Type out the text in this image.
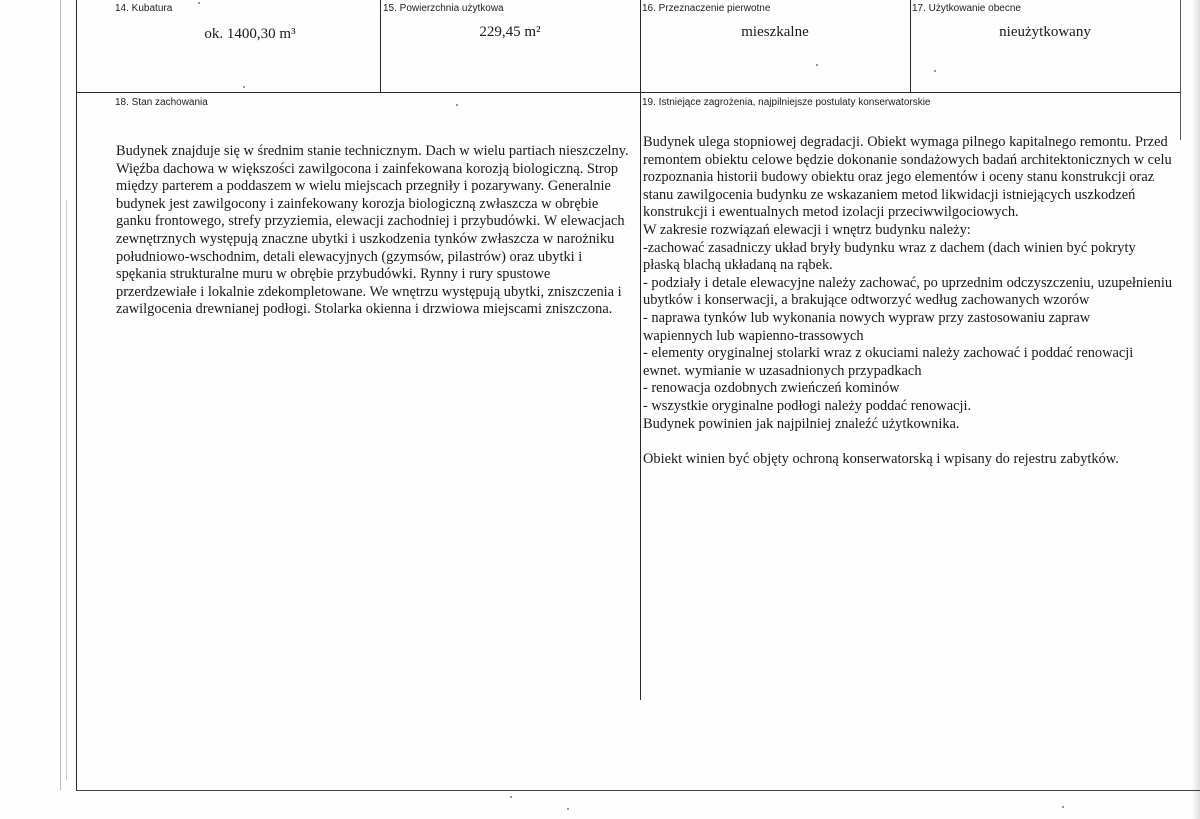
14. Kubatura
ok. 1400,30 m³
15. Powierzchnia użytkowa
229,45 m²
16. Przeznaczenie pierwotne
mieszkalne
17. Użytkowanie obecne
nieużytkowany
18. Stan zachowania

Budynek znajduje się w średnim stanie technicznym. Dach w wielu partiach nieszczelny.

Więźba dachowa w większości zawilgocona i zainfekowana korozją biologiczną. Strop

między parterem a poddaszem w wielu miejscach przegniły i pozarywany. Generalnie

budynek jest zawilgocony i zainfekowany korozja biologiczną zwłaszcza w obrębie

ganku frontowego, strefy przyziemia, elewacji zachodniej i przybudówki. W elewacjach

zewnętrznych występują znaczne ubytki i uszkodzenia tynków zwłaszcza w narożniku

południowo-wschodnim, detali elewacyjnych (gzymsów, pilastrów) oraz ubytki i

spękania strukturalne muru w obrębie przybudówki. Rynny i rury spustowe

przerdzewiałe i lokalnie zdekompletowane. We wnętrzu występują ubytki, zniszczenia i

zawilgocenia drewnianej podłogi. Stolarka okienna i drzwiowa miejscami zniszczona.

19. Istniejące zagrożenia, najpilniejsze postulaty konserwatorskie

Budynek ulega stopniowej degradacji. Obiekt wymaga pilnego kapitalnego remontu. Przed

remontem obiektu celowe będzie dokonanie sondażowych badań architektonicznych w celu

rozpoznania historii budowy obiektu oraz jego elementów i oceny stanu konstrukcji oraz

stanu zawilgocenia budynku ze wskazaniem metod likwidacji istniejących uszkodzeń

konstrukcji i ewentualnych metod izolacji przeciwwilgociowych.

W zakresie rozwiązań elewacji i wnętrz budynku należy:

-zachować zasadniczy układ bryły budynku wraz z dachem (dach winien być pokryty

płaską blachą układaną na rąbek.

- podziały i detale elewacyjne należy zachować, po uprzednim odczyszczeniu, uzupełnieniu

ubytków i konserwacji, a brakujące odtworzyć według zachowanych wzorów

- naprawa tynków lub wykonania nowych wypraw przy zastosowaniu zapraw

wapiennych lub wapienno-trassowych

- elementy oryginalnej stolarki wraz z okuciami należy zachować i poddać renowacji

ewnet. wymianie w uzasadnionych przypadkach

- renowacja ozdobnych zwieńczeń kominów

- wszystkie oryginalne podłogi należy poddać renowacji.

Budynek powinien jak najpilniej znaleźć użytkownika.

Obiekt winien być objęty ochroną konserwatorską i wpisany do rejestru zabytków.
